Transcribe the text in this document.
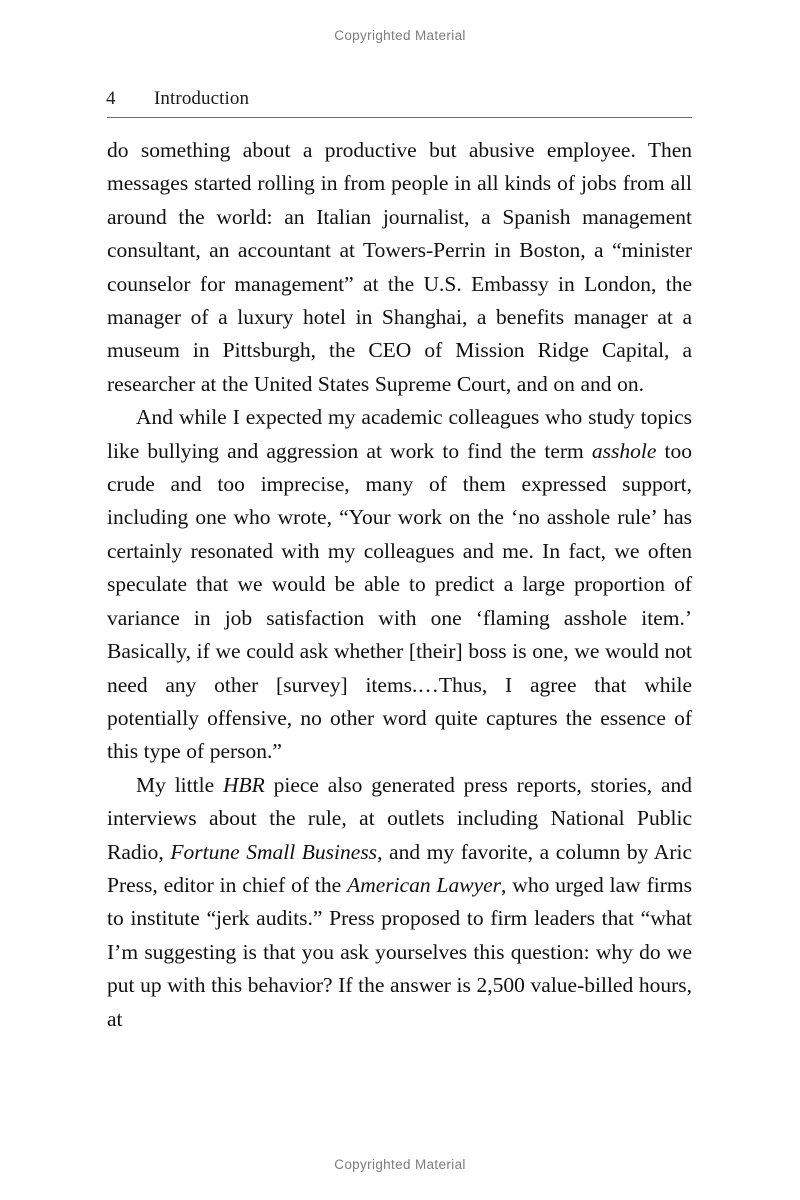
Copyrighted Material
4	Introduction

do something about a productive but abusive employee. Then messages started rolling in from people in all kinds of jobs from all around the world: an Italian journalist, a Spanish management consultant, an accountant at Towers-Perrin in Boston, a “minister counselor for management” at the U.S. Embassy in London, the manager of a luxury hotel in Shanghai, a benefits manager at a museum in Pittsburgh, the CEO of Mission Ridge Capital, a researcher at the United States Supreme Court, and on and on.

And while I expected my academic colleagues who study topics like bullying and aggression at work to find the term asshole too crude and too imprecise, many of them expressed support, including one who wrote, “Your work on the ‘no asshole rule’ has certainly resonated with my colleagues and me. In fact, we often speculate that we would be able to predict a large proportion of variance in job satisfaction with one ‘flaming asshole item.’ Basically, if we could ask whether [their] boss is one, we would not need any other [survey] items.…Thus, I agree that while potentially offensive, no other word quite captures the essence of this type of person.”

My little HBR piece also generated press reports, stories, and interviews about the rule, at outlets including National Public Radio, Fortune Small Business, and my favorite, a column by Aric Press, editor in chief of the American Lawyer, who urged law firms to institute “jerk audits.” Press proposed to firm leaders that “what I’m suggesting is that you ask yourselves this question: why do we put up with this behavior? If the answer is 2,500 value-billed hours, at

Copyrighted Material
